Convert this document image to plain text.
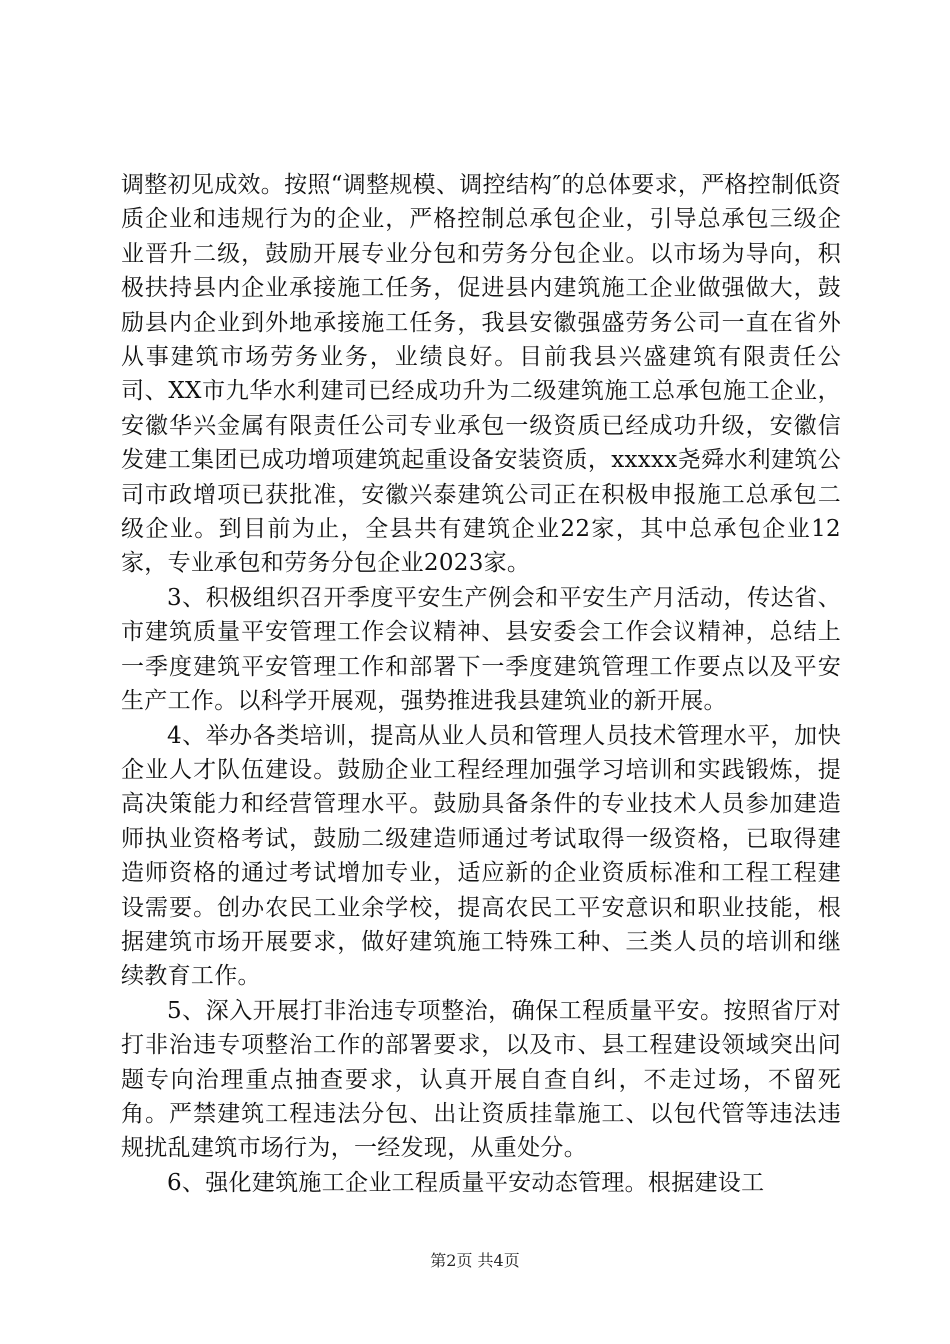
调整初见成效。按照“调整规模、调控结构″的总体要求，严格控制低资质企业和违规行为的企业，严格控制总承包企业，引导总承包三级企业晋升二级，鼓励开展专业分包和劳务分包企业。以市场为导向，积极扶持县内企业承接施工任务，促进县内建筑施工企业做强做大，鼓励县内企业到外地承接施工任务，我县安徽强盛劳务公司一直在省外从事建筑市场劳务业务，业绩良好。目前我县兴盛建筑有限责任公司、XX市九华水利建司已经成功升为二级建筑施工总承包施工企业，安徽华兴金属有限责任公司专业承包一级资质已经成功升级，安徽信发建工集团已成功增项建筑起重设备安装资质，xxxxx尧舜水利建筑公司市政增项已获批准，安徽兴泰建筑公司正在积极申报施工总承包二级企业。到目前为止，全县共有建筑企业22家，其中总承包企业12家，专业承包和劳务分包企业2023家。

3、积极组织召开季度平安生产例会和平安生产月活动，传达省、市建筑质量平安管理工作会议精神、县安委会工作会议精神，总结上一季度建筑平安管理工作和部署下一季度建筑管理工作要点以及平安生产工作。以科学开展观，强势推进我县建筑业的新开展。

4、举办各类培训，提高从业人员和管理人员技术管理水平，加快企业人才队伍建设。鼓励企业工程经理加强学习培训和实践锻炼，提高决策能力和经营管理水平。鼓励具备条件的专业技术人员参加建造师执业资格考试，鼓励二级建造师通过考试取得一级资格，已取得建造师资格的通过考试增加专业，适应新的企业资质标准和工程工程建设需要。创办农民工业余学校，提高农民工平安意识和职业技能，根据建筑市场开展要求，做好建筑施工特殊工种、三类人员的培训和继续教育工作。

5、深入开展打非治违专项整治，确保工程质量平安。按照省厅对打非治违专项整治工作的部署要求，以及市、县工程建设领域突出问题专向治理重点抽查要求，认真开展自查自纠，不走过场，不留死角。严禁建筑工程违法分包、出让资质挂靠施工、以包代管等违法违规扰乱建筑市场行为，一经发现，从重处分。

6、强化建筑施工企业工程质量平安动态管理。根据建设工

第2页 共4页
